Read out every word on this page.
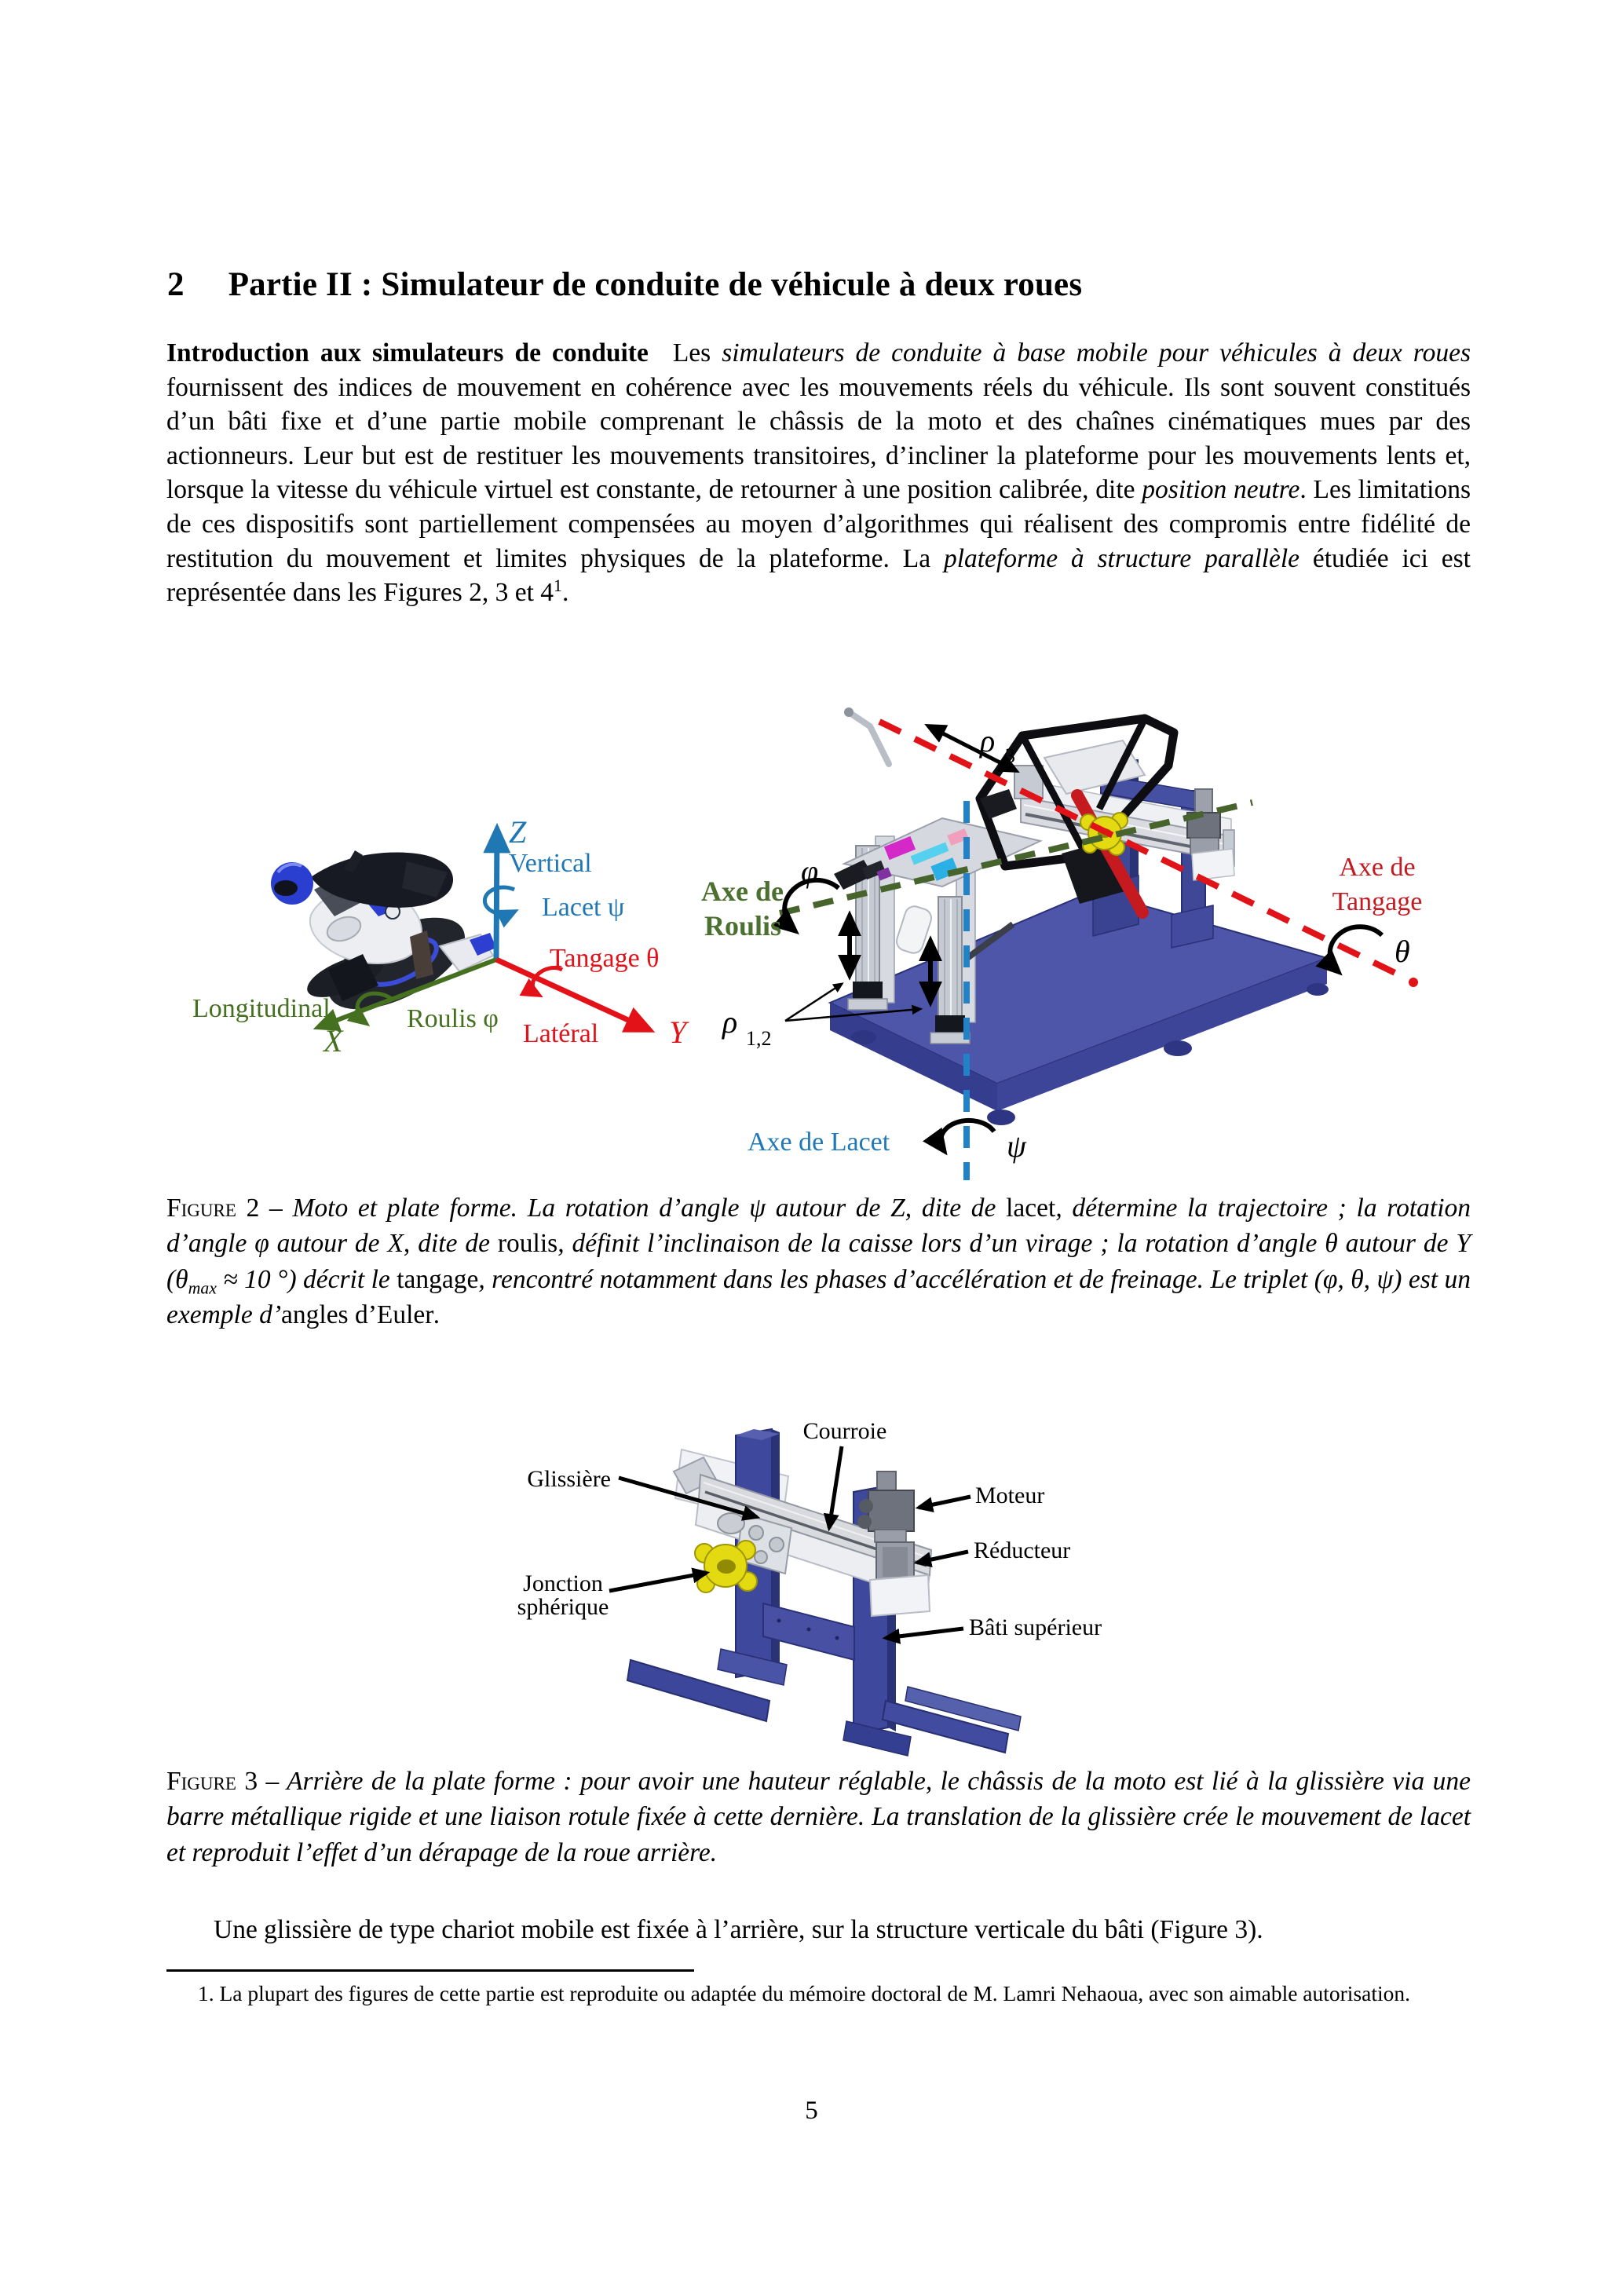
2 Partie II : Simulateur de conduite de véhicule à deux roues
Introduction aux simulateurs de conduite Les simulateurs de conduite à base mobile pour véhicules à deux roues fournissent des indices de mouvement en cohérence avec les mouvements réels du véhicule. Ils sont souvent constitués d’un bâti fixe et d’une partie mobile comprenant le châssis de la moto et des chaînes cinématiques mues par des actionneurs. Leur but est de restituer les mouvements transitoires, d’incliner la plateforme pour les mouvements lents et, lorsque la vitesse du véhicule virtuel est constante, de retourner à une position calibrée, dite position neutre. Les limitations de ces dispositifs sont partiellement compensées au moyen d’algorithmes qui réalisent des compromis entre fidélité de restitution du mouvement et limites physiques de la plateforme. La plateforme à structure parallèle étudiée ici est représentée dans les Figures 2, 3 et $4^1$.
Z
Vertical
Lacet ψ
Tangage θ
Latéral Y
Longitudinal	Roulis φ
X
ρ 3
φ
Axe de
Roulis
ρ 1,2
Axe de Lacet	ψ
Axe de
Tangage
θ
Figure 2 – Moto et plate forme. La rotation d’angle ψ autour de Z, dite de lacet, détermine la trajectoire ; la rotation d’angle φ autour de X, dite de roulis, définit l’inclinaison de la caisse lors d’un virage ; la rotation d’angle θ autour de Y ($\theta_{max} \approx 10$ °) décrit le tangage, rencontré notamment dans les phases d’accélération et de freinage. Le triplet (φ, θ, ψ) est un exemple d’angles d’Euler.
Courroie
Glissière
Moteur
Réducteur
Jonction
sphérique
Bâti supérieur
Figure 3 – Arrière de la plate forme : pour avoir une hauteur réglable, le châssis de la moto est lié à la glissière via une barre métallique rigide et une liaison rotule fixée à cette dernière. La translation de la glissière crée le mouvement de lacet et reproduit l’effet d’un dérapage de la roue arrière.
Une glissière de type chariot mobile est fixée à l’arrière, sur la structure verticale du bâti (Figure 3).
1. La plupart des figures de cette partie est reproduite ou adaptée du mémoire doctoral de M. Lamri Nehaoua, avec son aimable autorisation.
5
